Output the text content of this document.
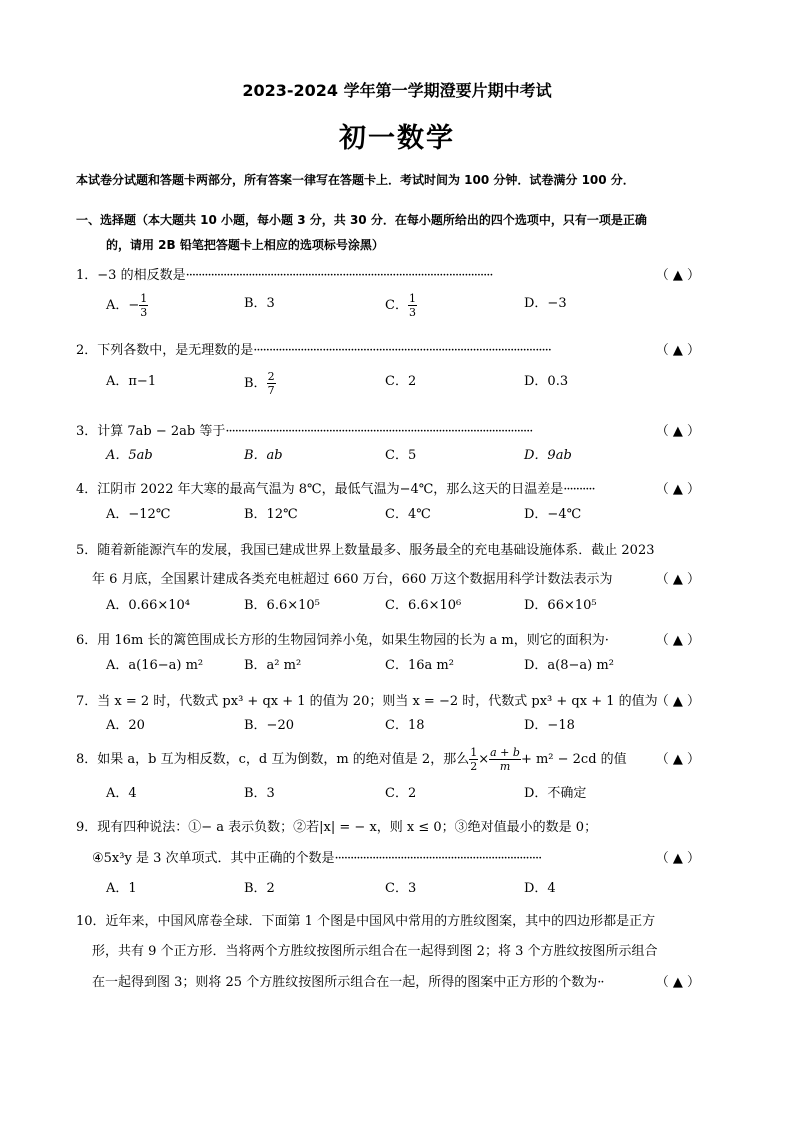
2023-2024 学年第一学期澄要片期中考试
初一数学
本试卷分试题和答题卡两部分，所有答案一律写在答题卡上．考试时间为 100 分钟．试卷满分 100 分．
一、选择题（本大题共 10 小题，每小题 3 分，共 30 分．在每小题所给出的四个选项中，只有一项是正确
的，请用 2B 铅笔把答题卡上相应的选项标号涂黑）
1．−3 的相反数是··································································································	（ ▲ ）
A．− $\frac{1}{3}$	B．3	C． $\frac{1}{3}$	D．−3
2．下列各数中，是无理数的是·······························································································	（ ▲ ）
A．π−1	B． $\frac{2}{7}$	C．2	D．0.3
3．计算 7ab − 2ab 等于··································································································	（ ▲ ）
A．5ab	B．ab	C．5	D．9ab
4．江阴市 2022 年大寒的最高气温为 8℃，最低气温为−4℃，那么这天的日温差是··········	（ ▲ ）
A．−12℃	B．12℃	C．4℃	D．−4℃
5．随着新能源汽车的发展，我国已建成世界上数量最多、服务最全的充电基础设施体系．截止 2023
年 6 月底，全国累计建成各类充电桩超过 660 万台，660 万这个数据用科学计数法表示为	（ ▲ ）
A．0.66×10⁴	B．6.6×10⁵	C．6.6×10⁶	D．66×10⁵
6．用 16m 长的篱笆围成长方形的生物园饲养小兔，如果生物园的长为 a m，则它的面积为·	（ ▲ ）
A．a(16−a) m²	B．a² m²	C．16a m²	D．a(8−a) m²
7．当 x = 2 时，代数式 px³ + qx + 1 的值为 20；则当 x = −2 时，代数式 px³ + qx + 1 的值为
（ ▲ ）
A．20	B．−20	C．18	D．−18
8．如果 a，b 互为相反数，c，d 互为倒数，m 的绝对值是 2，那么 $\frac{1}{2} \times \frac{a + b}{m} + m^2 - 2cd$ 的值 （ ▲ ）
A．4	B．3	C．2	D．不确定
9．现有四种说法：①− a 表示负数；②若|x| = − x，则 x ≤ 0；③绝对值最小的数是 0；
④5x³y 是 3 次单项式．其中正确的个数是··································································	（ ▲ ）
A．1	B．2	C．3	D．4
10．近年来，中国风席卷全球．下面第 1 个图是中国风中常用的方胜纹图案，其中的四边形都是正方
形，共有 9 个正方形．当将两个方胜纹按图所示组合在一起得到图 2；将 3 个方胜纹按图所示组合
在一起得到图 3；则将 25 个方胜纹按图所示组合在一起，所得的图案中正方形的个数为··	（ ▲ ）
